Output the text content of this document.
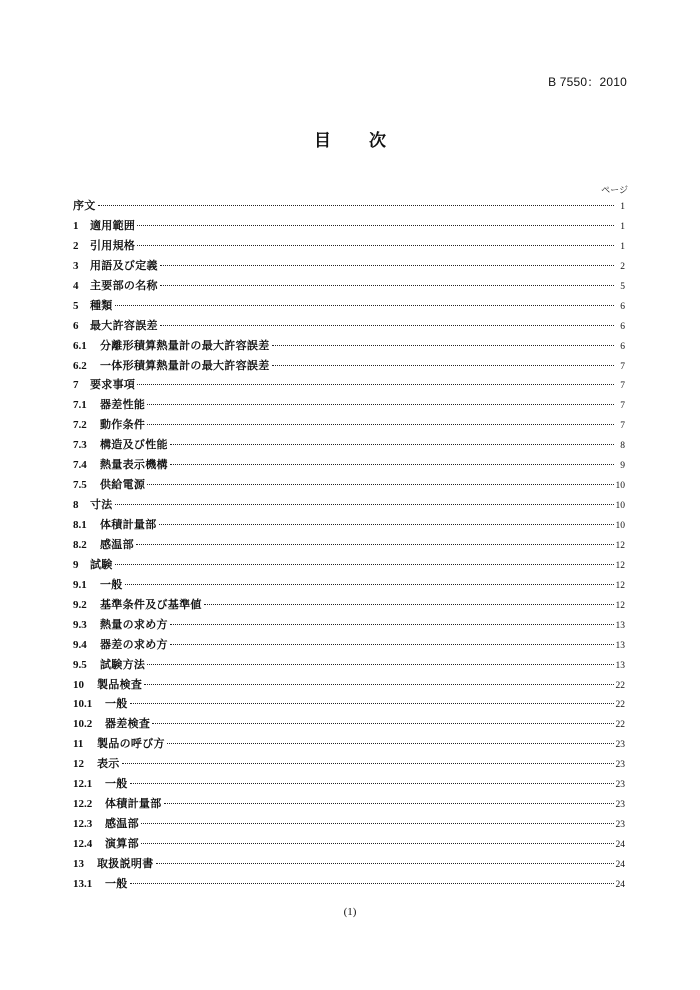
B 7550：2010
目 次
ページ
序文	1
1	適用範囲	1
2	引用規格	1
3	用語及び定義	2
4	主要部の名称	5
5	種類	6
6	最大許容誤差	6
6.1	分離形積算熱量計の最大許容誤差	6
6.2	一体形積算熱量計の最大許容誤差	7
7	要求事項	7
7.1	器差性能	7
7.2	動作条件	7
7.3	構造及び性能	8
7.4	熱量表示機構	9
7.5	供給電源	10
8	寸法	10
8.1	体積計量部	10
8.2	感温部	12
9	試験	12
9.1	一般	12
9.2	基準条件及び基準値	12
9.3	熱量の求め方	13
9.4	器差の求め方	13
9.5	試験方法	13
10	製品検査	22
10.1	一般	22
10.2	器差検査	22
11	製品の呼び方	23
12	表示	23
12.1	一般	23
12.2	体積計量部	23
12.3	感温部	23
12.4	演算部	24
13	取扱説明書	24
13.1	一般	24
(1)
